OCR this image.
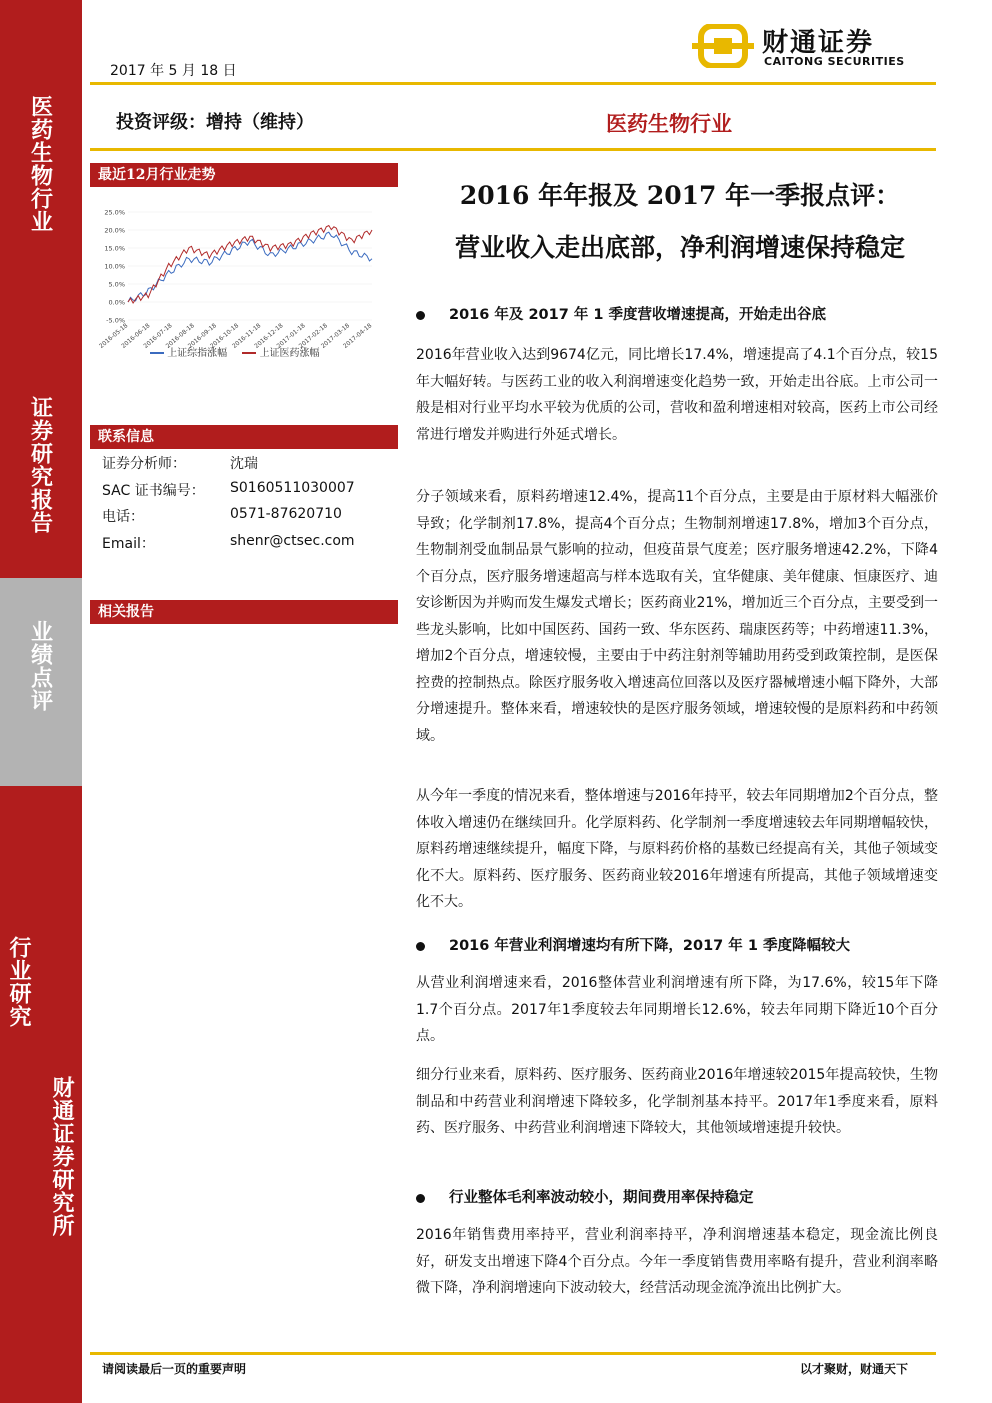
医药生物行业
证券研究报告
业绩点评
行业研究
财通证券研究所
2017 年 5 月 18 日
财通证券
CAITONG SECURITIES
投资评级：增持（维持）	医药生物行业
最近12月行业走势
25.0%
20.0%
15.0%
10.0%
5.0%
0.0%
-5.0%
2016-05-18
2016-06-18
2016-07-18
2016-08-18
2016-09-18
2016-10-18
2016-11-18
2016-12-18
2017-01-18
2017-02-18
2017-03-18
2017-04-18
上证综指涨幅	上证医药涨幅
联系信息
证券分析师：	沈瑞
SAC 证书编号： S0160511030007
电话：	0571-87620710
Email：	shenr@ctsec.com
相关报告
2016 年年报及 2017 年一季报点评：
营业收入走出底部，净利润增速保持稳定
2016 年及 2017 年 1 季度营收增速提高，开始走出谷底
2016年营业收入达到9674亿元，同比增长17.4%，增速提高了4.1个百分点，较15年大幅好转。与医药工业的收入利润增速变化趋势一致，开始走出谷底。上市公司一般是相对行业平均水平较为优质的公司，营收和盈利增速相对较高，医药上市公司经常进行增发并购进行外延式增长。
分子领域来看，原料药增速12.4%，提高11个百分点，主要是由于原材料大幅涨价导致；化学制剂17.8%，提高4个百分点；生物制剂增速17.8%，增加3个百分点，生物制剂受血制品景气影响的拉动，但疫苗景气度差；医疗服务增速42.2%，下降4个百分点，医疗服务增速超高与样本选取有关，宜华健康、美年健康、恒康医疗、迪安诊断因为并购而发生爆发式增长；医药商业21%，增加近三个百分点，主要受到一些龙头影响，比如中国医药、国药一致、华东医药、瑞康医药等；中药增速11.3%，增加2个百分点，增速较慢，主要由于中药注射剂等辅助用药受到政策控制，是医保控费的控制热点。除医疗服务收入增速高位回落以及医疗器械增速小幅下降外，大部分增速提升。整体来看，增速较快的是医疗服务领域，增速较慢的是原料药和中药领域。
从今年一季度的情况来看，整体增速与2016年持平，较去年同期增加2个百分点，整体收入增速仍在继续回升。化学原料药、化学制剂一季度增速较去年同期增幅较快，原料药增速继续提升，幅度下降，与原料药价格的基数已经提高有关，其他子领域变化不大。原料药、医疗服务、医药商业较2016年增速有所提高，其他子领域增速变化不大。
2016 年营业利润增速均有所下降，2017 年 1 季度降幅较大
从营业利润增速来看，2016整体营业利润增速有所下降，为17.6%，较15年下降1.7个百分点。2017年1季度较去年同期增长12.6%，较去年同期下降近10个百分点。
细分行业来看，原料药、医疗服务、医药商业2016年增速较2015年提高较快，生物制品和中药营业利润增速下降较多，化学制剂基本持平。2017年1季度来看，原料药、医疗服务、中药营业利润增速下降较大，其他领域增速提升较快。
行业整体毛利率波动较小，期间费用率保持稳定
2016年销售费用率持平，营业利润率持平，净利润增速基本稳定，现金流比例良好，研发支出增速下降4个百分点。今年一季度销售费用率略有提升，营业利润率略微下降，净利润增速向下波动较大，经营活动现金流净流出比例扩大。
请阅读最后一页的重要声明	以才聚财，财通天下
